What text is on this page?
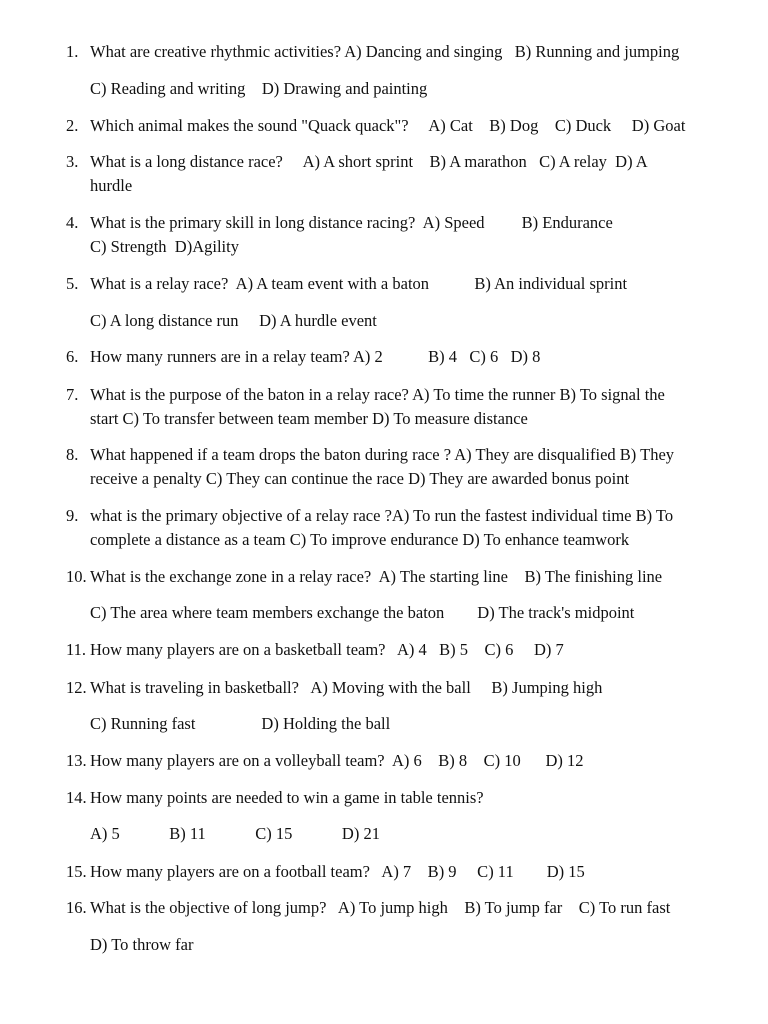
1. What are creative rhythmic activities? A) Dancing and singing   B) Running and jumping
C) Reading and writing    D) Drawing and painting
2. Which animal makes the sound "Quack quack"?     A) Cat    B) Dog    C) Duck     D) Goat
3. What is a long distance race?     A) A short sprint    B) A marathon   C) A relay  D) A
hurdle
4. What is the primary skill in long distance racing?  A) Speed         B) Endurance
C) Strength  D)Agility
5. What is a relay race?  A) A team event with a baton           B) An individual sprint
C) A long distance run     D) A hurdle event
6. How many runners are in a relay team? A) 2           B) 4   C) 6   D) 8
7. What is the purpose of the baton in a relay race? A) To time the runner B) To signal the
start C) To transfer between team member D) To measure distance
8. What happened if a team drops the baton during race ? A) They are disqualified B) They
receive a penalty C) They can continue the race D) They are awarded bonus point
9. what is the primary objective of a relay race ?A) To run the fastest individual time B) To
complete a distance as a team C) To improve endurance D) To enhance teamwork
10. What is the exchange zone in a relay race?  A) The starting line    B) The finishing line
C) The area where team members exchange the baton        D) The track's midpoint
11. How many players are on a basketball team?   A) 4   B) 5    C) 6     D) 7
12. What is traveling in basketball?   A) Moving with the ball     B) Jumping high
C) Running fast                D) Holding the ball
13. How many players are on a volleyball team?  A) 6    B) 8    C) 10      D) 12
14. How many points are needed to win a game in table tennis?
A) 5            B) 11            C) 15            D) 21
15. How many players are on a football team?   A) 7    B) 9     C) 11        D) 15
16. What is the objective of long jump?   A) To jump high    B) To jump far    C) To run fast
D) To throw far
